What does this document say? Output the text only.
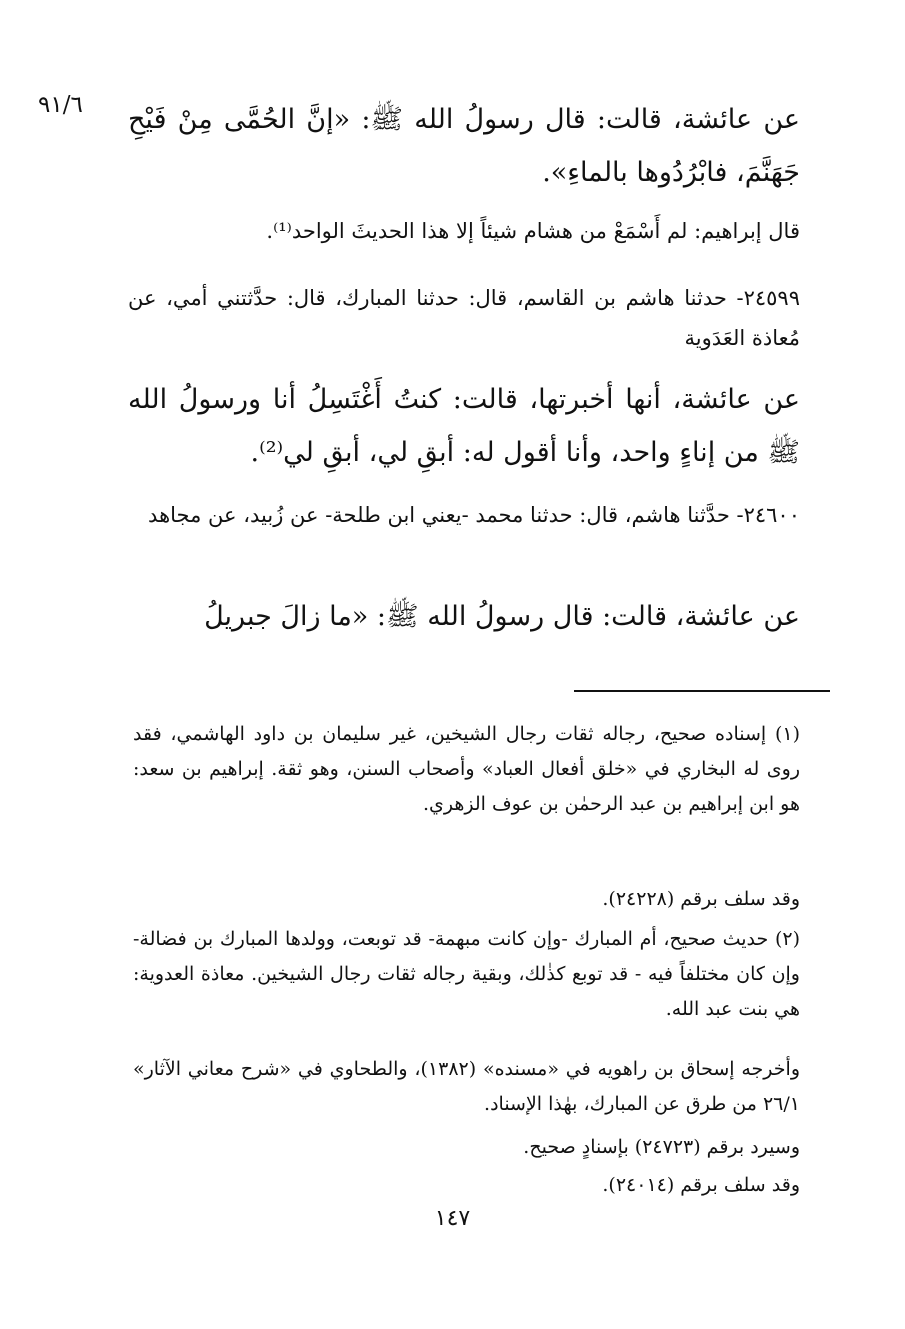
٩١/٦ عن عائشة، قالت: قال رسولُ الله ﷺ: «إنَّ الحُمَّى مِنْ فَيْحِ جَهَنَّمَ، فابْرُدُوها بالماءِ».
قال إبراهيم: لم أَسْمَعْ من هشام شيئاً إلا هذا الحديثَ الواحد⁽¹⁾.
٢٤٥٩٩- حدثنا هاشم بن القاسم، قال: حدثنا المبارك، قال: حدَّثتني أمي، عن مُعاذة العَدَوية
عن عائشة، أنها أخبرتها، قالت: كنتُ أَغْتَسِلُ أنا ورسولُ الله ﷺ من إناءٍ واحد، وأنا أقول له: أبقِ لي، أبقِ لي⁽²⁾.
٢٤٦٠٠- حدَّثنا هاشم، قال: حدثنا محمد -يعني ابن طلحة- عن زُبيد، عن مجاهد
عن عائشة، قالت: قال رسولُ الله ﷺ: «ما زالَ جبريلُ
(١) إسناده صحيح، رجاله ثقات رجال الشيخين، غير سليمان بن داود الهاشمي، فقد روى له البخاري في «خلق أفعال العباد» وأصحاب السنن، وهو ثقة. إبراهيم بن سعد: هو ابن إبراهيم بن عبد الرحمٰن بن عوف الزهري.
وقد سلف برقم (٢٤٢٢٨).
(٢) حديث صحيح، أم المبارك -وإن كانت مبهمة- قد توبعت، وولدها المبارك بن فضالة- وإن كان مختلفاً فيه - قد توبع كذٰلك، وبقية رجاله ثقات رجال الشيخين. معاذة العدوية: هي بنت عبد الله.
وأخرجه إسحاق بن راهويه في «مسنده» (١٣٨٢)، والطحاوي في «شرح معاني الآثار» ٢٦/١ من طرق عن المبارك، بهٰذا الإسناد.
وسيرد برقم (٢٤٧٢٣) بإسنادٍ صحيح.
وقد سلف برقم (٢٤٠١٤).
١٤٧
